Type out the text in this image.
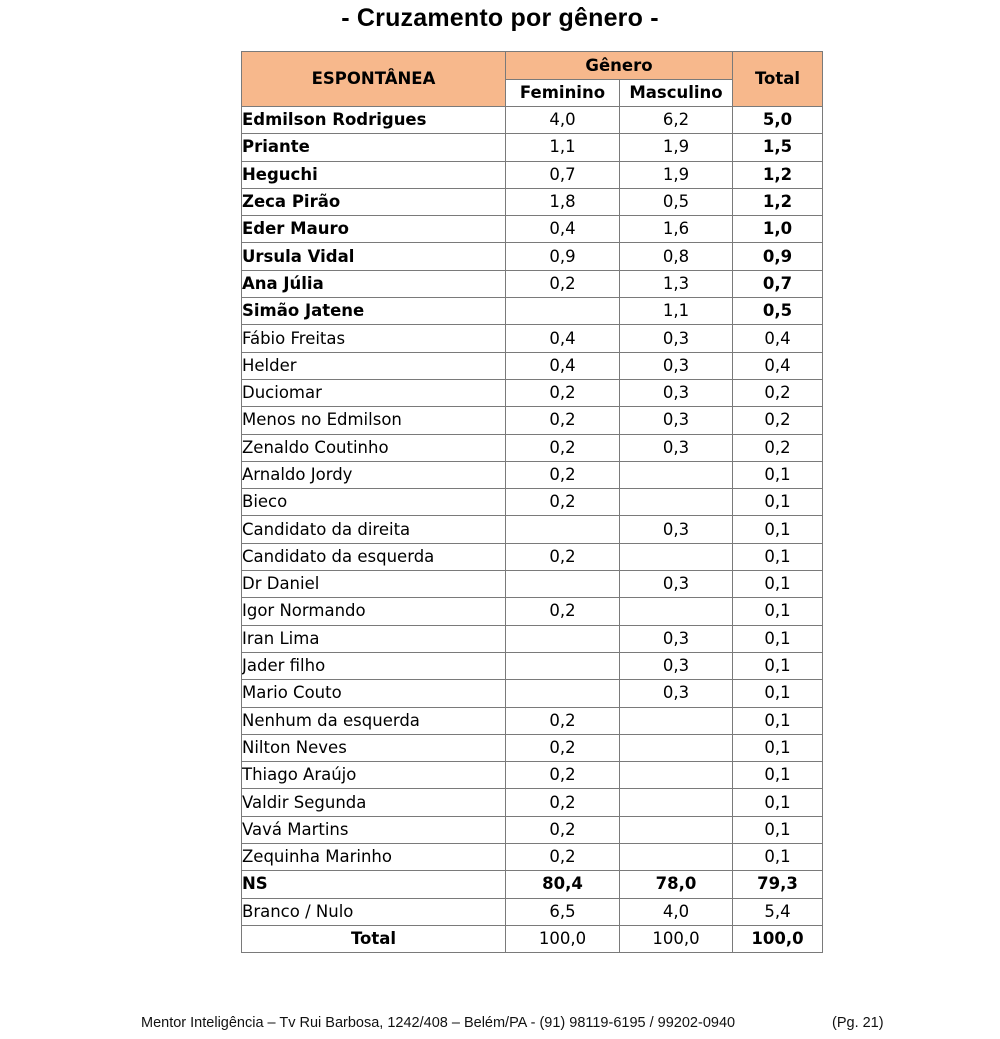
- Cruzamento por gênero -
ESPONTÂNEA	Gênero		Total
	Feminino	Masculino	
Edmilson Rodrigues	4,0	6,2	5,0
Priante	1,1	1,9	1,5
Heguchi	0,7	1,9	1,2
Zeca Pirão	1,8	0,5	1,2
Eder Mauro	0,4	1,6	1,0
Ursula Vidal	0,9	0,8	0,9
Ana Júlia	0,2	1,3	0,7
Simão Jatene		1,1	0,5
Fábio Freitas	0,4	0,3	0,4
Helder	0,4	0,3	0,4
Duciomar	0,2	0,3	0,2
Menos no Edmilson	0,2	0,3	0,2
Zenaldo Coutinho	0,2	0,3	0,2
Arnaldo Jordy	0,2		0,1
Bieco	0,2		0,1
Candidato da direita		0,3	0,1
Candidato da esquerda	0,2		0,1
Dr Daniel		0,3	0,1
Igor Normando	0,2		0,1
Iran Lima		0,3	0,1
Jader filho		0,3	0,1
Mario Couto		0,3	0,1
Nenhum da esquerda	0,2		0,1
Nilton Neves	0,2		0,1
Thiago Araújo	0,2		0,1
Valdir Segunda	0,2		0,1
Vavá Martins	0,2		0,1
Zequinha Marinho	0,2		0,1
NS	80,4	78,0	79,3
Branco / Nulo	6,5	4,0	5,4
Total	100,0	100,0	100,0
Mentor Inteligência – Tv Rui Barbosa, 1242/408 – Belém/PA - (91) 98119-6195 / 99202-0940	(Pg. 21)
